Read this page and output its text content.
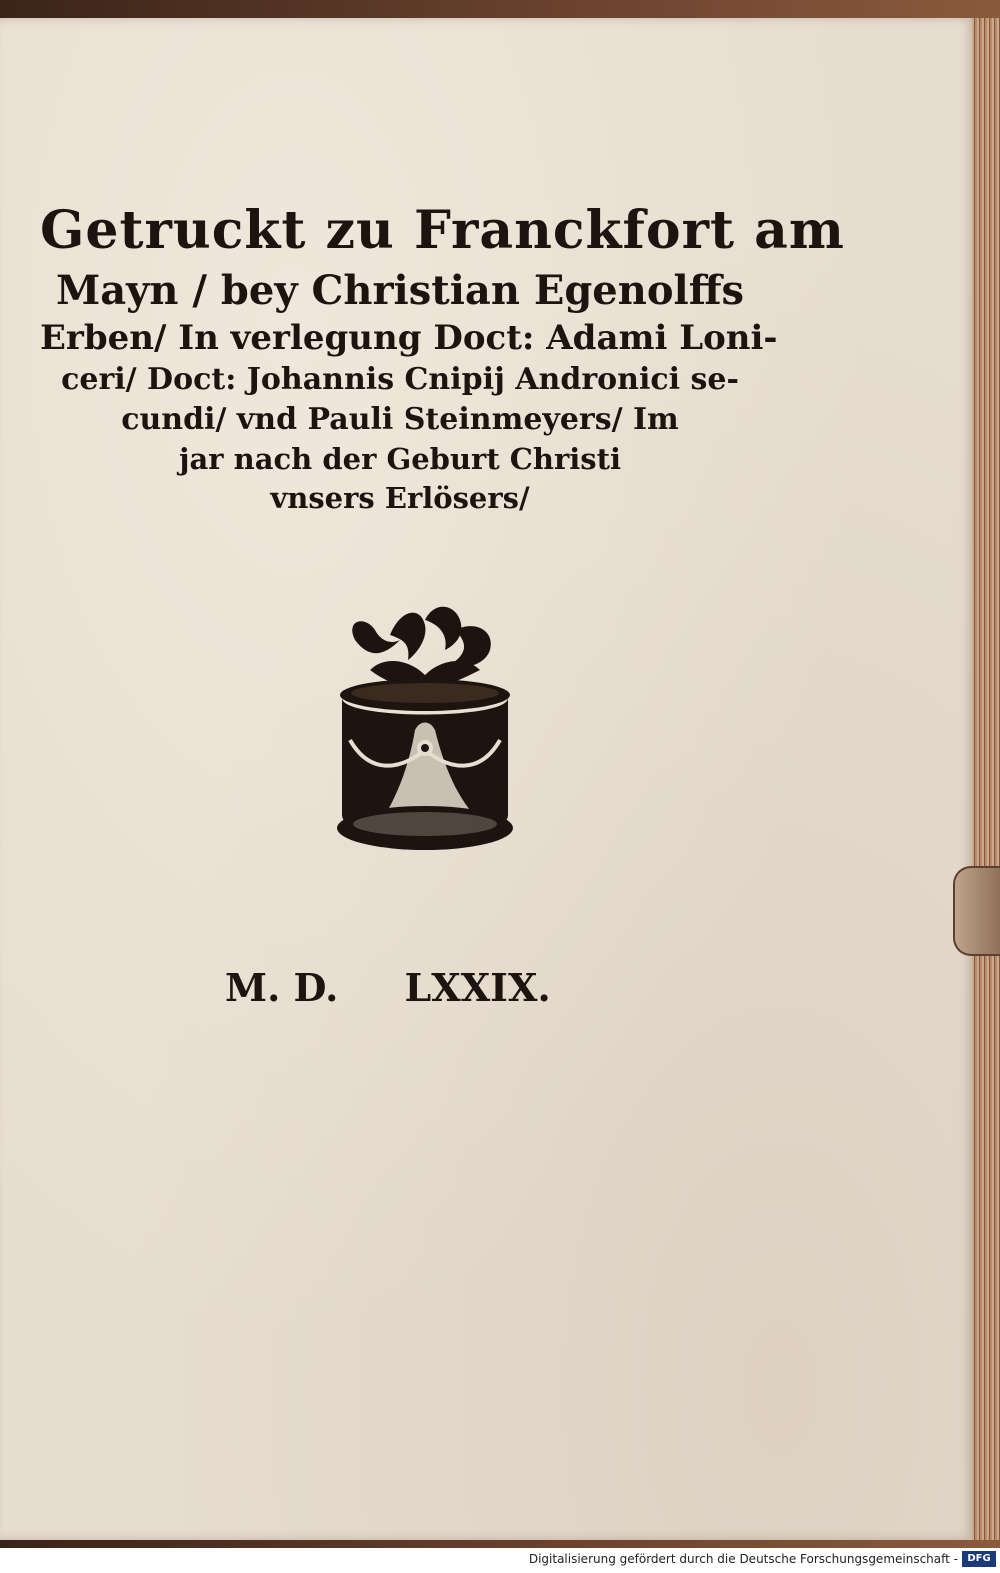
Getruckt zu Franckfort am
Mayn / bey Christian Egenolffs
Erben/ In verlegung Doct: Adami Loni-
ceri/ Doct: Johannis Cnipij Andronici se-
cundi/ vnd Pauli Steinmeyers/ Im
jar nach der Geburt Christi
vnsers Erlösers/
M. D.     LXXIX.
Digitalisierung gefördert durch die Deutsche Forschungsgemeinschaft - DFG
